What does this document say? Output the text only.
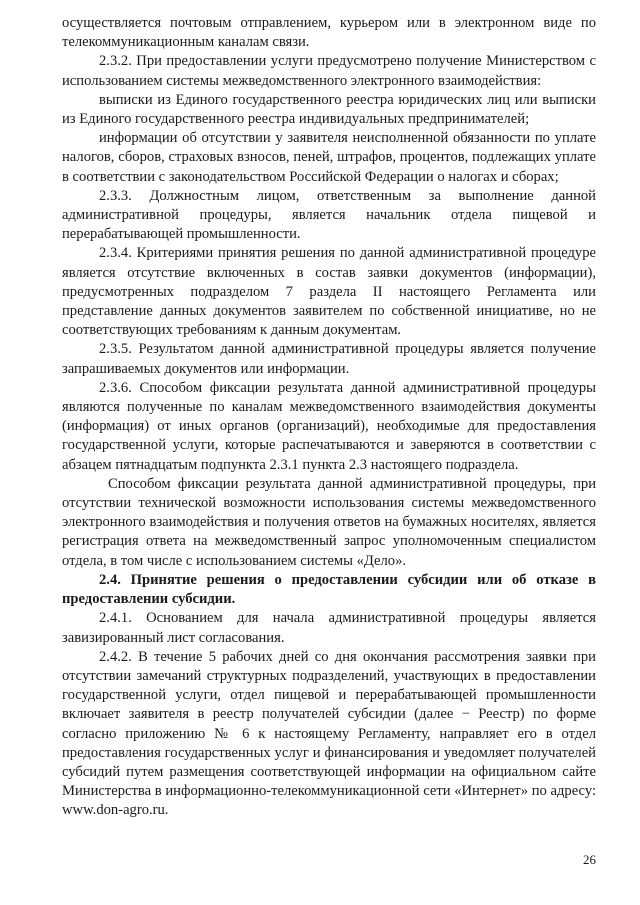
осуществляется почтовым отправлением, курьером или в электронном виде по телекоммуникационным каналам связи.

2.3.2. При предоставлении услуги предусмотрено получение Министерством с использованием системы межведомственного электронного взаимодействия:

выписки из Единого государственного реестра юридических лиц или выписки из Единого государственного реестра индивидуальных предпринимателей;

информации об отсутствии у заявителя неисполненной обязанности по уплате налогов, сборов, страховых взносов, пеней, штрафов, процентов, подлежащих уплате в соответствии с законодательством Российской Федерации о налогах и сборах;

2.3.3. Должностным лицом, ответственным за выполнение данной административной процедуры, является начальник отдела пищевой и перерабатывающей промышленности.

2.3.4. Критериями принятия решения по данной административной процедуре является отсутствие включенных в состав заявки документов (информации), предусмотренных подразделом 7 раздела II настоящего Регламента или представление данных документов заявителем по собственной инициативе, но не соответствующих требованиям к данным документам.

2.3.5. Результатом данной административной процедуры является получение запрашиваемых документов или информации.

2.3.6. Способом фиксации результата данной административной процедуры являются полученные по каналам межведомственного взаимодействия документы (информация) от иных органов (организаций), необходимые для предоставления государственной услуги, которые распечатываются и заверяются в соответствии с абзацем пятнадцатым подпункта 2.3.1 пункта 2.3 настоящего подраздела.

Способом фиксации результата данной административной процедуры, при отсутствии технической возможности использования системы межведомственного электронного взаимодействия и получения ответов на бумажных носителях, является регистрация ответа на межведомственный запрос уполномоченным специалистом отдела, в том числе с использованием системы «Дело».

2.4. Принятие решения о предоставлении субсидии или об отказе в предоставлении субсидии.

2.4.1. Основанием для начала административной процедуры является завизированный лист согласования.

2.4.2. В течение 5 рабочих дней со дня окончания рассмотрения заявки при отсутствии замечаний структурных подразделений, участвующих в предоставлении государственной услуги, отдел пищевой и перерабатывающей промышленности включает заявителя в реестр получателей субсидии (далее − Реестр) по форме согласно приложению № 6 к настоящему Регламенту, направляет его в отдел предоставления государственных услуг и финансирования и уведомляет получателей субсидий путем размещения соответствующей информации на официальном сайте Министерства в информационно-телекоммуникационной сети «Интернет» по адресу: www.don-agro.ru.

26
